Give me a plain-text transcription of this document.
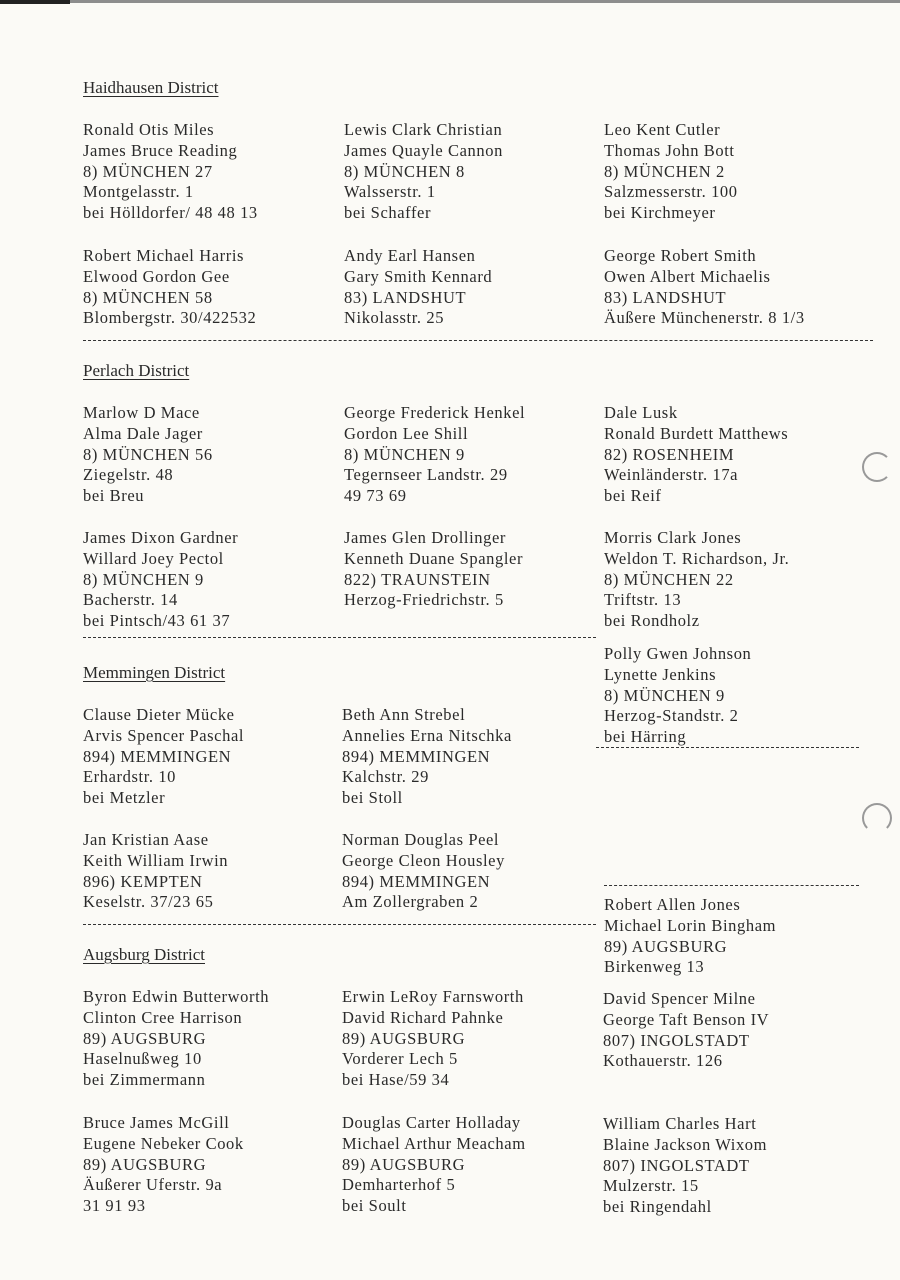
Haidhausen District
Ronald Otis Miles
James Bruce Reading
8) MÜNCHEN 27
Montgelasstr. 1
bei Hölldorfer/ 48 48 13
Lewis Clark Christian
James Quayle Cannon
8) MÜNCHEN 8
Walsserstr. 1
bei Schaffer
Leo Kent Cutler
Thomas John Bott
8) MÜNCHEN 2
Salzmesserstr. 100
bei Kirchmeyer
Robert Michael Harris
Elwood Gordon Gee
8) MÜNCHEN 58
Blombergstr. 30/422532
Andy Earl Hansen
Gary Smith Kennard
83) LANDSHUT
Nikolasstr. 25
George Robert Smith
Owen Albert Michaelis
83) LANDSHUT
Äußere Münchenerstr. 8 1/3
Perlach District
Marlow D Mace
Alma Dale Jager
8) MÜNCHEN 56
Ziegelstr. 48
bei Breu
George Frederick Henkel
Gordon Lee Shill
8) MÜNCHEN 9
Tegernseer Landstr. 29
49 73 69
Dale Lusk
Ronald Burdett Matthews
82) ROSENHEIM
Weinländerstr. 17a
bei Reif
James Dixon Gardner
Willard Joey Pectol
8) MÜNCHEN 9
Bacherstr. 14
bei Pintsch/43 61 37
James Glen Drollinger
Kenneth Duane Spangler
822) TRAUNSTEIN
Herzog-Friedrichstr. 5
Morris Clark Jones
Weldon T. Richardson, Jr.
8) MÜNCHEN 22
Triftstr. 13
bei Rondholz
Polly Gwen Johnson
Lynette Jenkins
8) MÜNCHEN 9
Herzog-Standstr. 2
bei Härring
Memmingen District
Clause Dieter Mücke
Arvis Spencer Paschal
894) MEMMINGEN
Erhardstr. 10
bei Metzler
Beth Ann Strebel
Annelies Erna Nitschka
894) MEMMINGEN
Kalchstr. 29
bei Stoll
Jan Kristian Aase
Keith William Irwin
896) KEMPTEN
Keselstr. 37/23 65
Norman Douglas Peel
George Cleon Housley
894) MEMMINGEN
Am Zollergraben 2	Robert Allen Jones
Michael Lorin Bingham
89) AUGSBURG
Birkenweg 13
Augsburg District
Byron Edwin Butterworth
Clinton Cree Harrison
89) AUGSBURG
Haselnußweg 10
bei Zimmermann
Erwin LeRoy Farnsworth
David Richard Pahnke
89) AUGSBURG
Vorderer Lech 5
bei Hase/59 34
David Spencer Milne
George Taft Benson IV
807) INGOLSTADT
Kothauerstr. 126
Bruce James McGill
Eugene Nebeker Cook
89) AUGSBURG
Äußerer Uferstr. 9a
31 91 93
Douglas Carter Holladay
Michael Arthur Meacham
89) AUGSBURG
Demharterhof 5
bei Soult
William Charles Hart
Blaine Jackson Wixom
807) INGOLSTADT
Mulzerstr. 15
bei Ringendahl
